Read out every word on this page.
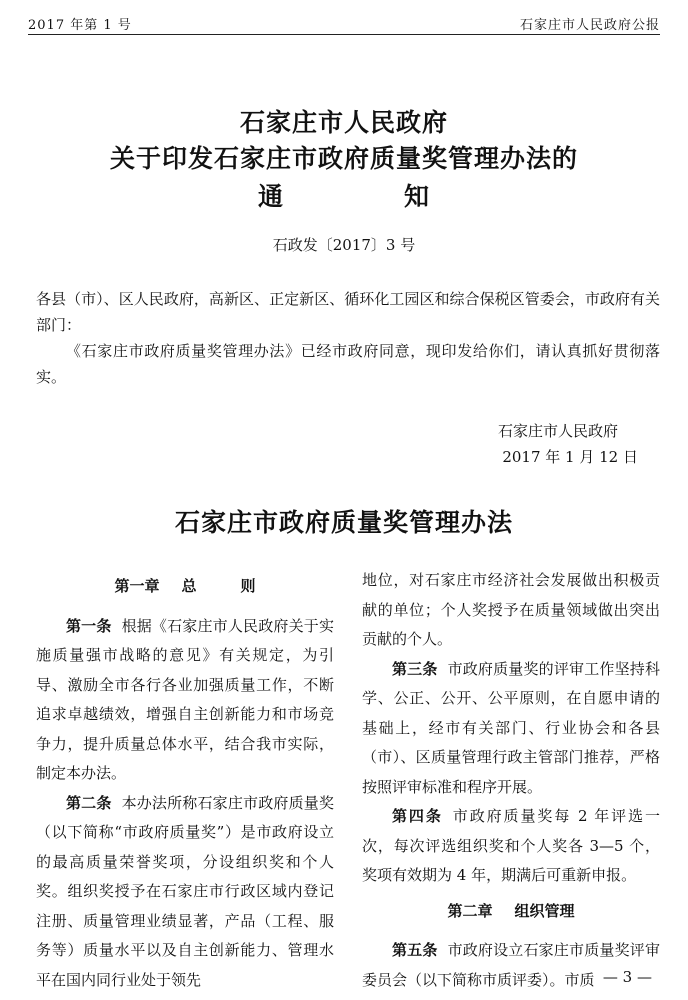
2017 年第 1 号	石家庄市人民政府公报
石家庄市人民政府
关于印发石家庄市政府质量奖管理办法的
通	知
石政发〔2017〕3 号
各县（市）、区人民政府，高新区、正定新区、循环化工园区和综合保税区管委会，市政府有关部门：
《石家庄市政府质量奖管理办法》已经市政府同意，现印发给你们，请认真抓好贯彻落实。
石家庄市人民政府
2017 年 1 月 12 日
石家庄市政府质量奖管理办法
第一章 总	则

第一条 根据《石家庄市人民政府关于实施质量强市战略的意见》有关规定，为引导、激励全市各行各业加强质量工作，不断追求卓越绩效，增强自主创新能力和市场竞争力，提升质量总体水平，结合我市实际，制定本办法。

第二条 本办法所称石家庄市政府质量奖（以下简称“市政府质量奖”）是市政府设立的最高质量荣誉奖项，分设组织奖和个人奖。组织奖授予在石家庄市行政区域内登记注册、质量管理业绩显著，产品（工程、服务等）质量水平以及自主创新能力、管理水平在国内同行业处于领先

地位，对石家庄市经济社会发展做出积极贡献的单位；个人奖授予在质量领域做出突出贡献的个人。

第三条 市政府质量奖的评审工作坚持科学、公正、公开、公平原则，在自愿申请的基础上，经市有关部门、行业协会和各县（市）、区质量管理行政主管部门推荐，严格按照评审标准和程序开展。

第四条 市政府质量奖每 2 年评选一次，每次评选组织奖和个人奖各 3—5 个，奖项有效期为 4 年，期满后可重新申报。

第二章 组织管理

第五条 市政府设立石家庄市质量奖评审委员会（以下简称市质评委）。市质 — 3 —
